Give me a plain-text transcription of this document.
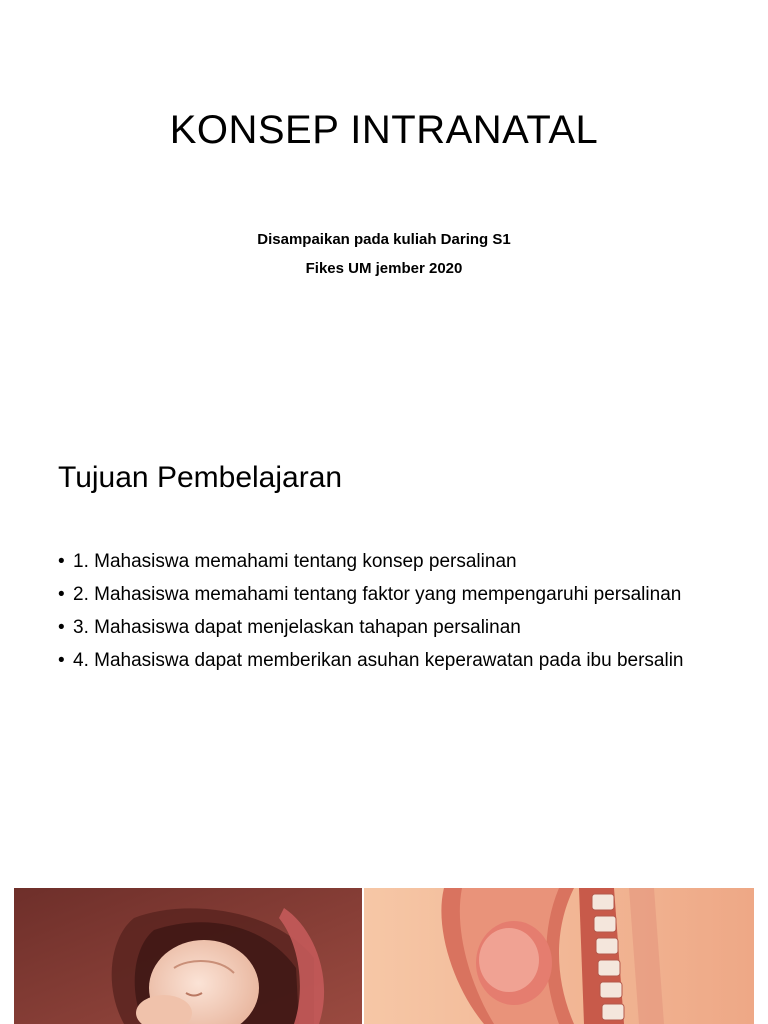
KONSEP INTRANATAL
Disampaikan pada kuliah Daring S1
Fikes UM jember 2020
Tujuan Pembelajaran
• 1. Mahasiswa memahami tentang konsep persalinan
• 2. Mahasiswa memahami tentang faktor yang mempengaruhi persalinan
• 3. Mahasiswa dapat menjelaskan tahapan persalinan
• 4. Mahasiswa dapat memberikan asuhan keperawatan pada ibu bersalin
